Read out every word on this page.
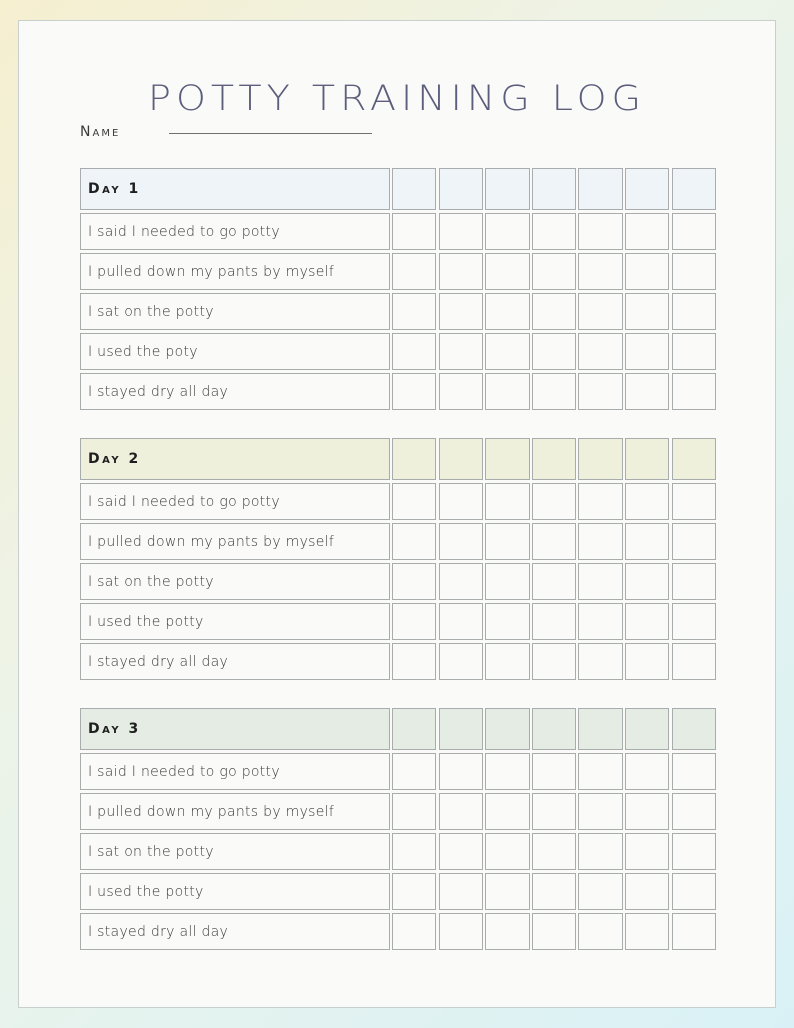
POTTY TRAINING LOG
Name
Day 1
I said I needed to go potty
I pulled down my pants by myself
I sat on the potty
I used the poty
I stayed dry all day
Day 2
I said I needed to go potty
I pulled down my pants by myself
I sat on the potty
I used the potty
I stayed dry all day
Day 3
I said I needed to go potty
I pulled down my pants by myself
I sat on the potty
I used the potty
I stayed dry all day
